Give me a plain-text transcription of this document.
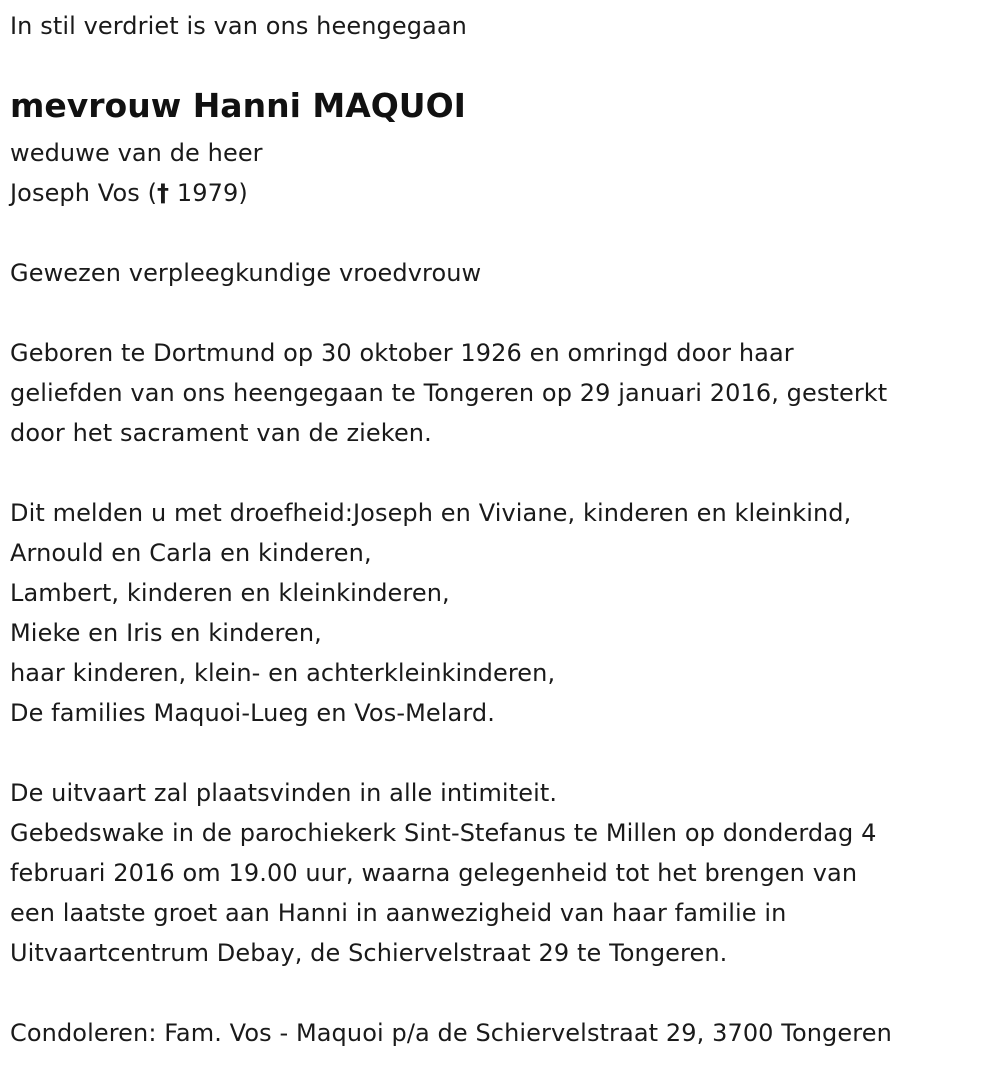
In stil verdriet is van ons heengegaan
mevrouw Hanni MAQUOI
weduwe van de heer
Joseph Vos († 1979)
Gewezen verpleegkundige vroedvrouw
Geboren te Dortmund op 30 oktober 1926 en omringd door haar
geliefden van ons heengegaan te Tongeren op 29 januari 2016, gesterkt
door het sacrament van de zieken.
Dit melden u met droefheid:Joseph en Viviane, kinderen en kleinkind,
Arnould en Carla en kinderen,
Lambert, kinderen en kleinkinderen,
Mieke en Iris en kinderen,
haar kinderen, klein- en achterkleinkinderen,
De families Maquoi-Lueg en Vos-Melard.
De uitvaart zal plaatsvinden in alle intimiteit.
Gebedswake in de parochiekerk Sint-Stefanus te Millen op donderdag 4
februari 2016 om 19.00 uur, waarna gelegenheid tot het brengen van
een laatste groet aan Hanni in aanwezigheid van haar familie in
Uitvaartcentrum Debay, de Schiervelstraat 29 te Tongeren.
Condoleren: Fam. Vos - Maquoi p/a de Schiervelstraat 29, 3700 Tongeren
